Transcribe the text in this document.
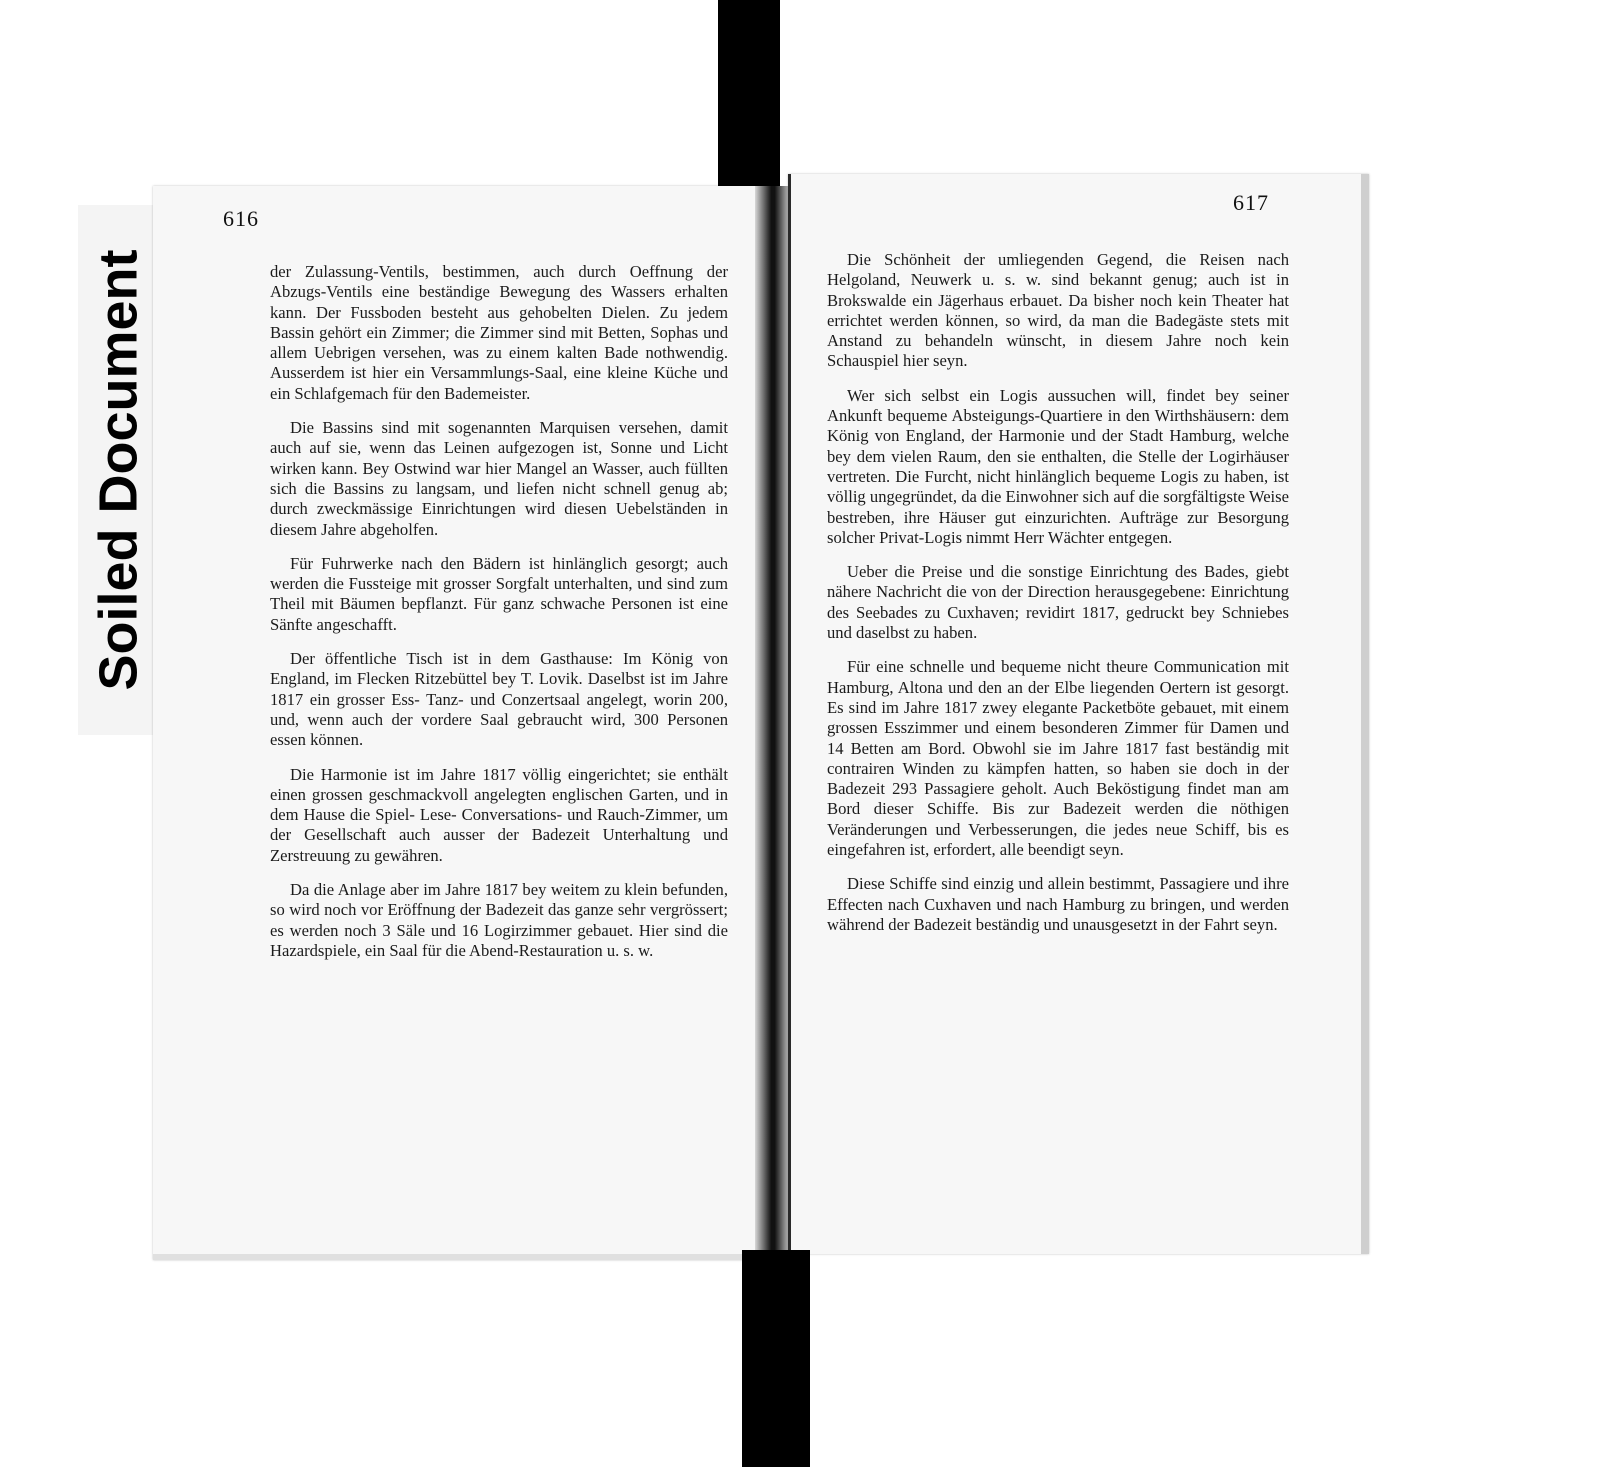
Soiled Document
616

der Zulassung-Ventils, bestimmen, auch durch Oeffnung der Abzugs-Ventils eine beständige Bewegung des Wassers erhalten kann. Der Fussboden besteht aus gehobelten Dielen. Zu jedem Bassin gehört ein Zimmer; die Zimmer sind mit Betten, Sophas und allem Uebrigen versehen, was zu einem kalten Bade nothwendig. Ausserdem ist hier ein Versammlungs-Saal, eine kleine Küche und ein Schlafgemach für den Bademeister.

Die Bassins sind mit sogenannten Marquisen versehen, damit auch auf sie, wenn das Leinen aufgezogen ist, Sonne und Licht wirken kann. Bey Ostwind war hier Mangel an Wasser, auch füllten sich die Bassins zu langsam, und liefen nicht schnell genug ab; durch zweckmässige Einrichtungen wird diesen Uebelständen in diesem Jahre abgeholfen.

Für Fuhrwerke nach den Bädern ist hinlänglich gesorgt; auch werden die Fussteige mit grosser Sorgfalt unterhalten, und sind zum Theil mit Bäumen bepflanzt. Für ganz schwache Personen ist eine Sänfte angeschafft.

Der öffentliche Tisch ist in dem Gasthause: Im König von England, im Flecken Ritzebüttel bey T. Lovik. Daselbst ist im Jahre 1817 ein grosser Ess- Tanz- und Conzertsaal angelegt, worin 200, und, wenn auch der vordere Saal gebraucht wird, 300 Personen essen können.

Die Harmonie ist im Jahre 1817 völlig eingerichtet; sie enthält einen grossen geschmackvoll angelegten englischen Garten, und in dem Hause die Spiel- Lese- Conversations- und Rauch-Zimmer, um der Gesellschaft auch ausser der Badezeit Unterhaltung und Zerstreuung zu gewähren.

Da die Anlage aber im Jahre 1817 bey weitem zu klein befunden, so wird noch vor Eröffnung der Badezeit das ganze sehr vergrössert; es werden noch 3 Säle und 16 Logirzimmer gebauet. Hier sind die Hazardspiele, ein Saal für die Abend-Restauration u. s. w.

617

Die Schönheit der umliegenden Gegend, die Reisen nach Helgoland, Neuwerk u. s. w. sind bekannt genug; auch ist in Brokswalde ein Jägerhaus erbauet. Da bisher noch kein Theater hat errichtet werden können, so wird, da man die Badegäste stets mit Anstand zu behandeln wünscht, in diesem Jahre noch kein Schauspiel hier seyn.

Wer sich selbst ein Logis aussuchen will, findet bey seiner Ankunft bequeme Absteigungs-Quartiere in den Wirthshäusern: dem König von England, der Harmonie und der Stadt Hamburg, welche bey dem vielen Raum, den sie enthalten, die Stelle der Logirhäuser vertreten. Die Furcht, nicht hinlänglich bequeme Logis zu haben, ist völlig ungegründet, da die Einwohner sich auf die sorgfältigste Weise bestreben, ihre Häuser gut einzurichten. Aufträge zur Besorgung solcher Privat-Logis nimmt Herr Wächter entgegen.

Ueber die Preise und die sonstige Einrichtung des Bades, giebt nähere Nachricht die von der Direction herausgegebene: Einrichtung des Seebades zu Cuxhaven; revidirt 1817, gedruckt bey Schniebes und daselbst zu haben.

Für eine schnelle und bequeme nicht theure Communication mit Hamburg, Altona und den an der Elbe liegenden Oertern ist gesorgt. Es sind im Jahre 1817 zwey elegante Packetböte gebauet, mit einem grossen Esszimmer und einem besonderen Zimmer für Damen und 14 Betten am Bord. Obwohl sie im Jahre 1817 fast beständig mit contrairen Winden zu kämpfen hatten, so haben sie doch in der Badezeit 293 Passagiere geholt. Auch Beköstigung findet man am Bord dieser Schiffe. Bis zur Badezeit werden die nöthigen Veränderungen und Verbesserungen, die jedes neue Schiff, bis es eingefahren ist, erfordert, alle beendigt seyn.

Diese Schiffe sind einzig und allein bestimmt, Passagiere und ihre Effecten nach Cuxhaven und nach Hamburg zu bringen, und werden während der Badezeit beständig und unausgesetzt in der Fahrt seyn.
